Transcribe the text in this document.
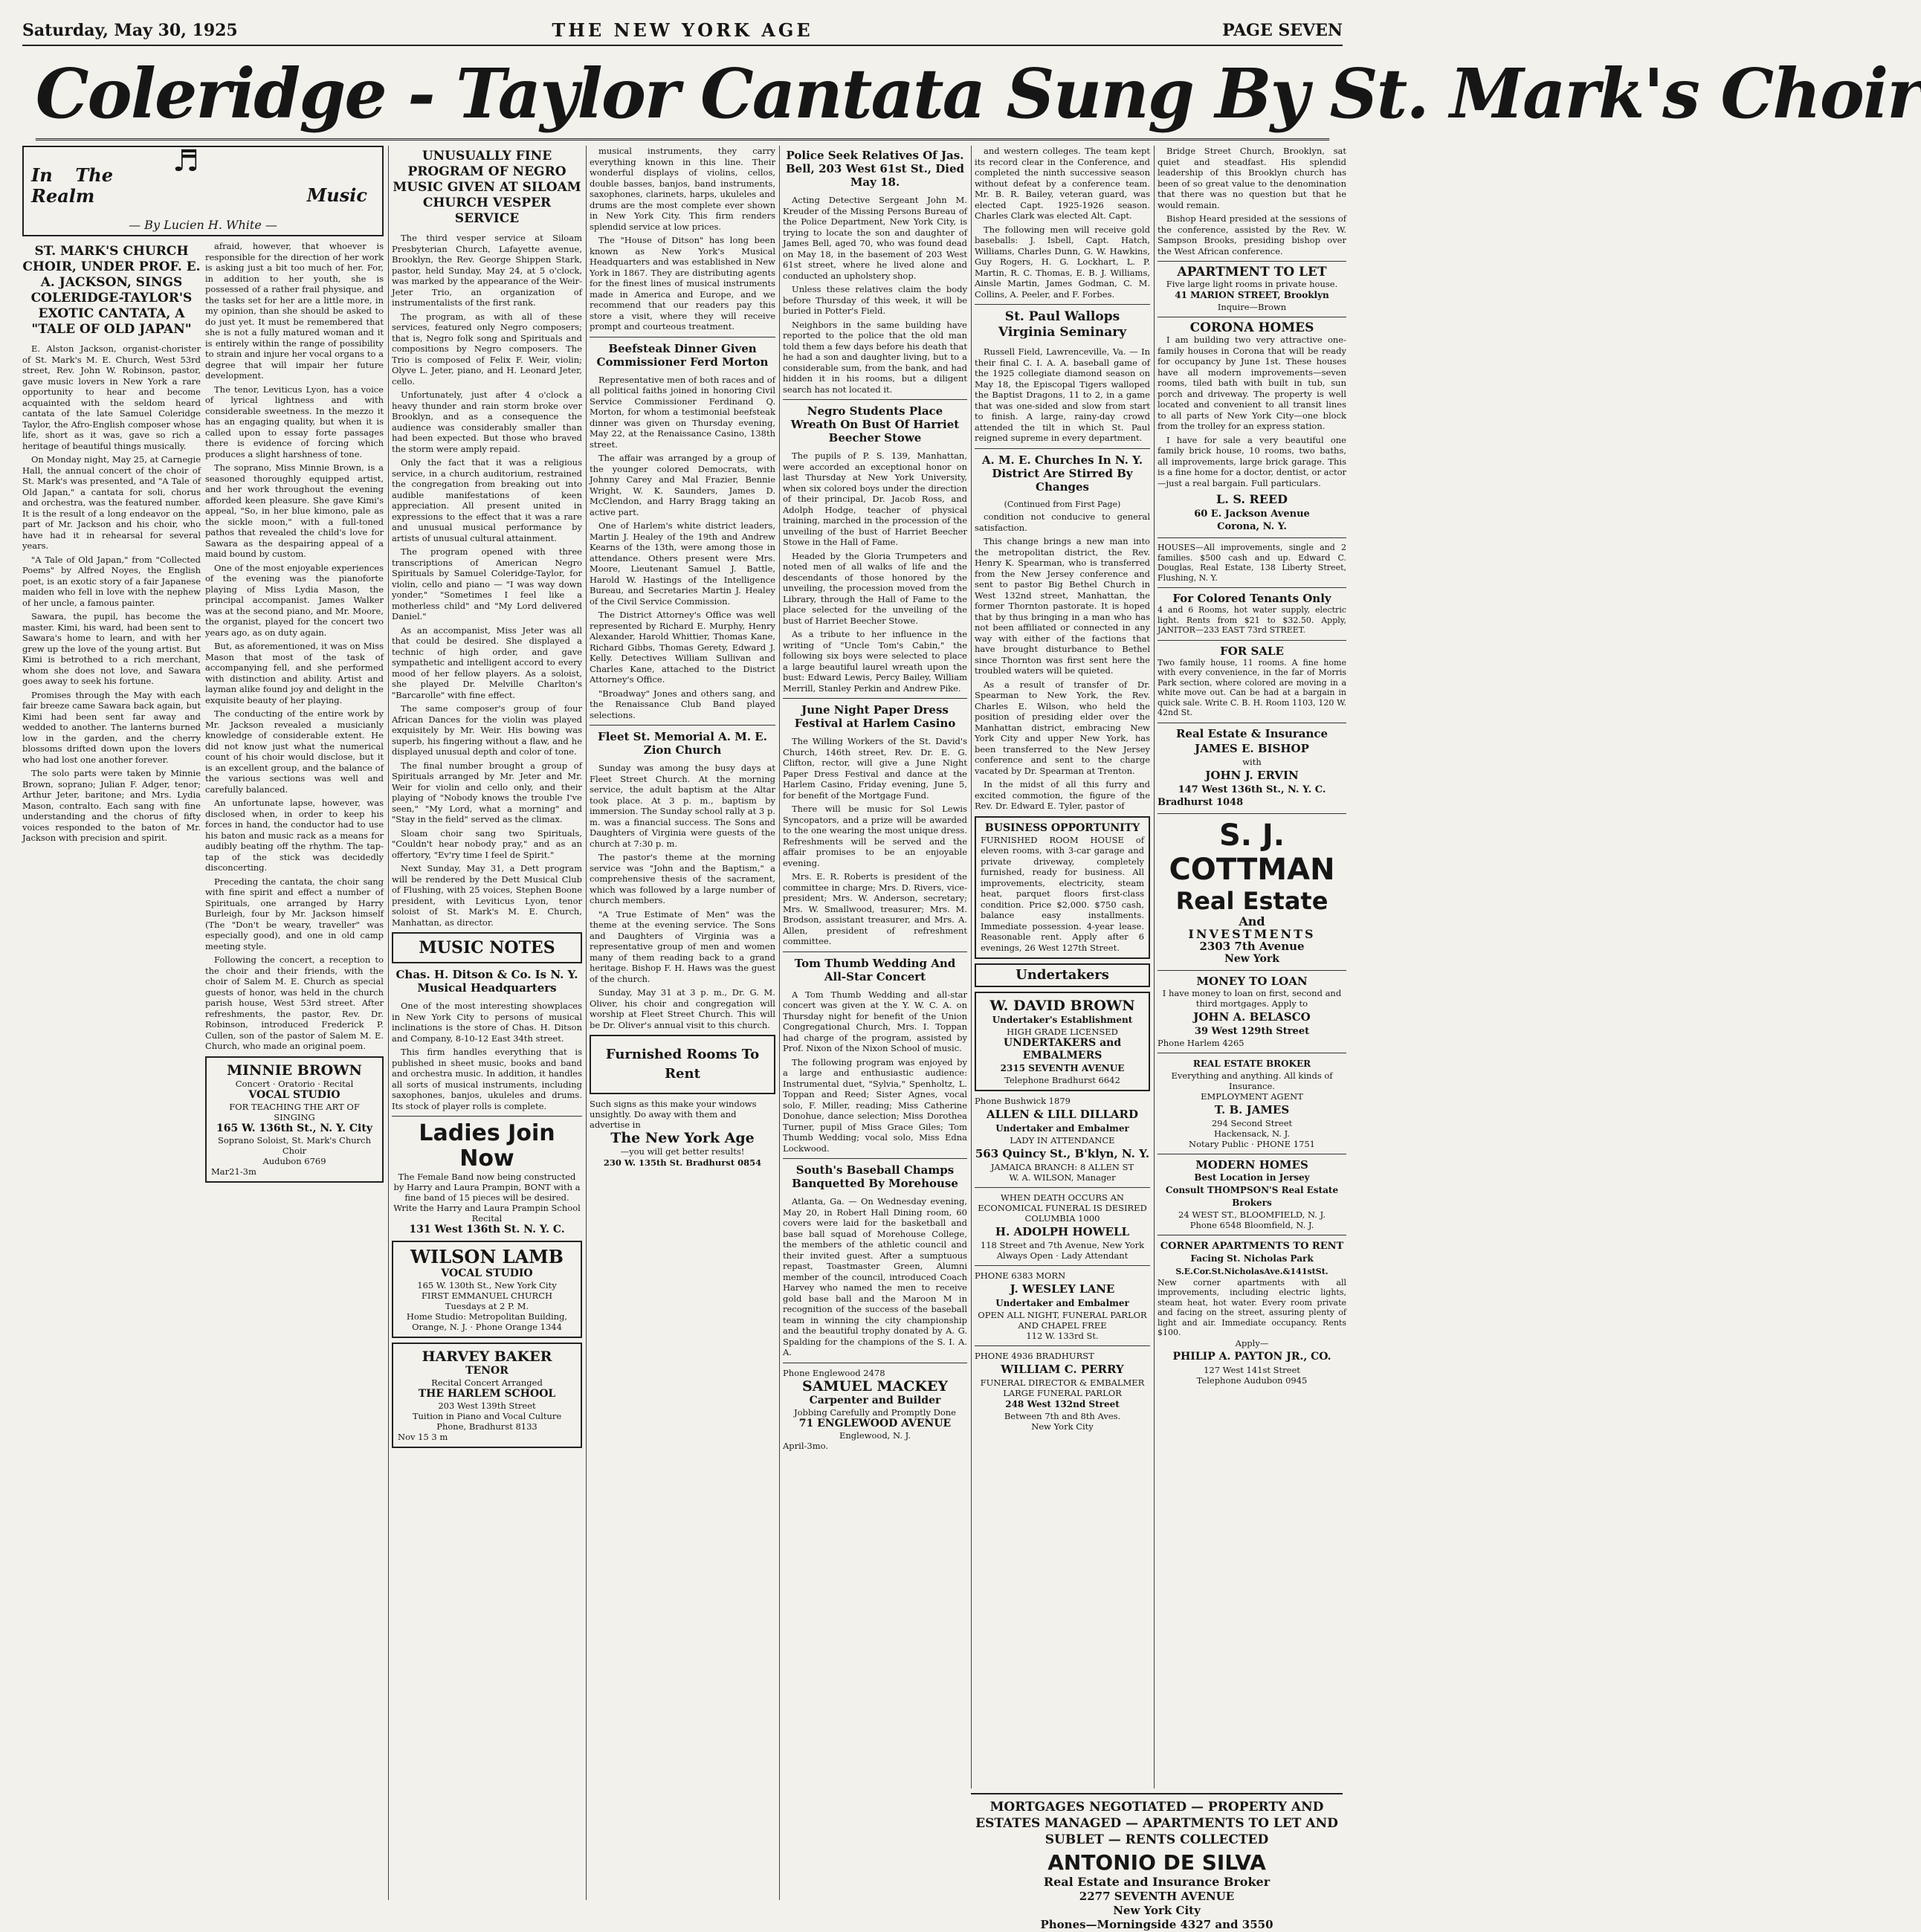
Saturday, May 30, 1925	THE NEW YORK AGE	PAGE SEVEN
Coleridge - Taylor Cantata Sung By St. Mark's Choir
In The Realm
♬
Music
— By Lucien H. White —
ST. MARK'S CHURCH CHOIR, UNDER PROF. E. A. JACKSON, SINGS COLERIDGE-TAYLOR'S EXOTIC CANTATA, A "TALE OF OLD JAPAN"

E. Alston Jackson, organist-chorister of St. Mark's M. E. Church, West 53rd street, Rev. John W. Robinson, pastor, gave music lovers in New York a rare opportunity to hear and become acquainted with the seldom heard cantata of the late Samuel Coleridge Taylor, the Afro-English composer whose life, short as it was, gave so rich a heritage of beautiful things musically.

On Monday night, May 25, at Carnegie Hall, the annual concert of the choir of St. Mark's was presented, and "A Tale of Old Japan," a cantata for soli, chorus and orchestra, was the featured number. It is the result of a long endeavor on the part of Mr. Jackson and his choir, who have had it in rehearsal for several years.

"A Tale of Old Japan," from "Collected Poems" by Alfred Noyes, the English poet, is an exotic story of a fair Japanese maiden who fell in love with the nephew of her uncle, a famous painter.

Sawara, the pupil, has become the master. Kimi, his ward, had been sent to Sawara's home to learn, and with her grew up the love of the young artist. But Kimi is betrothed to a rich merchant, whom she does not love, and Sawara goes away to seek his fortune.

Promises through the May with each fair breeze came Sawara back again, but Kimi had been sent far away and wedded to another. The lanterns burned low in the garden, and the cherry blossoms drifted down upon the lovers who had lost one another forever.

The solo parts were taken by Minnie Brown, soprano; Julian F. Adger, tenor; Arthur Jeter, baritone; and Mrs. Lydia Mason, contralto. Each sang with fine understanding and the chorus of fifty voices responded to the baton of Mr. Jackson with precision and spirit.

afraid, however, that whoever is responsible for the direction of her work is asking just a bit too much of her. For, in addition to her youth, she is possessed of a rather frail physique, and the tasks set for her are a little more, in my opinion, than she should be asked to do just yet. It must be remembered that she is not a fully matured woman and it is entirely within the range of possibility to strain and injure her vocal organs to a degree that will impair her future development.

The tenor, Leviticus Lyon, has a voice of lyrical lightness and with considerable sweetness. In the mezzo it has an engaging quality, but when it is called upon to essay forte passages there is evidence of forcing which produces a slight harshness of tone.

The soprano, Miss Minnie Brown, is a seasoned thoroughly equipped artist, and her work throughout the evening afforded keen pleasure. She gave Kimi's appeal, "So, in her blue kimono, pale as the sickle moon," with a full-toned pathos that revealed the child's love for Sawara as the despairing appeal of a maid bound by custom.

One of the most enjoyable experiences of the evening was the pianoforte playing of Miss Lydia Mason, the principal accompanist. James Walker was at the second piano, and Mr. Moore, the organist, played for the concert two years ago, as on duty again.

But, as aforementioned, it was on Miss Mason that most of the task of accompanying fell, and she performed with distinction and ability. Artist and layman alike found joy and delight in the exquisite beauty of her playing.

The conducting of the entire work by Mr. Jackson revealed a musicianly knowledge of considerable extent. He did not know just what the numerical count of his choir would disclose, but it is an excellent group, and the balance of the various sections was well and carefully balanced.

An unfortunate lapse, however, was disclosed when, in order to keep his forces in hand, the conductor had to use his baton and music rack as a means for audibly beating off the rhythm. The tap-tap of the stick was decidedly disconcerting.

Preceding the cantata, the choir sang with fine spirit and effect a number of Spirituals, one arranged by Harry Burleigh, four by Mr. Jackson himself (The "Don't be weary, traveller" was especially good), and one in old camp meeting style.

Following the concert, a reception to the choir and their friends, with the choir of Salem M. E. Church as special guests of honor, was held in the church parish house, West 53rd street. After refreshments, the pastor, Rev. Dr. Robinson, introduced Frederick P. Cullen, son of the pastor of Salem M. E. Church, who made an original poem.

MINNIE BROWN
Concert · Oratorio · Recital
VOCAL STUDIO
FOR TEACHING THE ART OF SINGING
165 W. 136th St., N. Y. City
Soprano Soloist, St. Mark's Church Choir
Audubon 6769
Mar21-3m
UNUSUALLY FINE PROGRAM OF NEGRO MUSIC GIVEN AT SILOAM CHURCH VESPER SERVICE

The third vesper service at Siloam Presbyterian Church, Lafayette avenue, Brooklyn, the Rev. George Shippen Stark, pastor, held Sunday, May 24, at 5 o'clock, was marked by the appearance of the Weir-Jeter Trio, an organization of instrumentalists of the first rank.

The program, as with all of these services, featured only Negro composers; that is, Negro folk song and Spirituals and compositions by Negro composers. The Trio is composed of Felix F. Weir, violin; Olyve L. Jeter, piano, and H. Leonard Jeter, cello.

Unfortunately, just after 4 o'clock a heavy thunder and rain storm broke over Brooklyn, and as a consequence the audience was considerably smaller than had been expected. But those who braved the storm were amply repaid.

Only the fact that it was a religious service, in a church auditorium, restrained the congregation from breaking out into audible manifestations of keen appreciation. All present united in expressions to the effect that it was a rare and unusual musical performance by artists of unusual cultural attainment.

The program opened with three transcriptions of American Negro Spirituals by Samuel Coleridge-Taylor, for violin, cello and piano — "I was way down yonder," "Sometimes I feel like a motherless child" and "My Lord delivered Daniel."

As an accompanist, Miss Jeter was all that could be desired. She displayed a technic of high order, and gave sympathetic and intelligent accord to every mood of her fellow players. As a soloist, she played Dr. Melville Charlton's "Barcarolle" with fine effect.

The same composer's group of four African Dances for the violin was played exquisitely by Mr. Weir. His bowing was superb, his fingering without a flaw, and he displayed unusual depth and color of tone.

The final number brought a group of Spirituals arranged by Mr. Jeter and Mr. Weir for violin and cello only, and their playing of "Nobody knows the trouble I've seen," "My Lord, what a morning" and "Stay in the field" served as the climax.

Sloam choir sang two Spirituals, "Couldn't hear nobody pray," and as an offertory, "Ev'ry time I feel de Spirit."

Next Sunday, May 31, a Dett program will be rendered by the Dett Musical Club of Flushing, with 25 voices, Stephen Boone president, with Leviticus Lyon, tenor soloist of St. Mark's M. E. Church, Manhattan, as director.

MUSIC NOTES
Chas. H. Ditson & Co. Is N. Y. Musical Headquarters

One of the most interesting showplaces in New York City to persons of musical inclinations is the store of Chas. H. Ditson and Company, 8-10-12 East 34th street.

This firm handles everything that is published in sheet music, books and band and orchestra music. In addition, it handles all sorts of musical instruments, including saxophones, banjos, ukuleles and drums. Its stock of player rolls is complete.

Ladies Join Now
The Female Band now being constructed by Harry and Laura Prampin, BONT with a fine band of 15 pieces will be desired. Write the Harry and Laura Prampin School Recital
131 West 136th St. N. Y. C.
WILSON LAMB
VOCAL STUDIO
165 W. 130th St., New York City
FIRST EMMANUEL CHURCH
Tuesdays at 2 P. M.
Home Studio: Metropolitan Building, Orange, N. J. · Phone Orange 1344
HARVEY BAKER
TENOR
Recital Concert Arranged
THE HARLEM SCHOOL
203 West 139th Street
Tuition in Piano and Vocal Culture
Phone, Bradhurst 8133
Nov 15 3 m

musical instruments, they carry everything known in this line. Their wonderful displays of violins, cellos, double basses, banjos, band instruments, saxophones, clarinets, harps, ukuleles and drums are the most complete ever shown in New York City. This firm renders splendid service at low prices.

The "House of Ditson" has long been known as New York's Musical Headquarters and was established in New York in 1867. They are distributing agents for the finest lines of musical instruments made in America and Europe, and we recommend that our readers pay this store a visit, where they will receive prompt and courteous treatment.

Beefsteak Dinner Given Commissioner Ferd Morton

Representative men of both races and of all political faiths joined in honoring Civil Service Commissioner Ferdinand Q. Morton, for whom a testimonial beefsteak dinner was given on Thursday evening, May 22, at the Renaissance Casino, 138th street.

The affair was arranged by a group of the younger colored Democrats, with Johnny Carey and Mal Frazier, Bennie Wright, W. K. Saunders, James D. McClendon, and Harry Bragg taking an active part.

One of Harlem's white district leaders, Martin J. Healey of the 19th and Andrew Kearns of the 13th, were among those in attendance. Others present were Mrs. Moore, Lieutenant Samuel J. Battle, Harold W. Hastings of the Intelligence Bureau, and Secretaries Martin J. Healey of the Civil Service Commission.

The District Attorney's Office was well represented by Richard E. Murphy, Henry Alexander, Harold Whittier, Thomas Kane, Richard Gibbs, Thomas Gerety, Edward J. Kelly. Detectives William Sullivan and Charles Kane, attached to the District Attorney's Office.

"Broadway" Jones and others sang, and the Renaissance Club Band played selections.

Fleet St. Memorial A. M. E. Zion Church

Sunday was among the busy days at Fleet Street Church. At the morning service, the adult baptism at the Altar took place. At 3 p. m., baptism by immersion. The Sunday school rally at 3 p. m. was a financial success. The Sons and Daughters of Virginia were guests of the church at 7:30 p. m.

The pastor's theme at the morning service was "John and the Baptism," a comprehensive thesis of the sacrament, which was followed by a large number of church members.

"A True Estimate of Men" was the theme at the evening service. The Sons and Daughters of Virginia was a representative group of men and women many of them reading back to a grand heritage. Bishop F. H. Haws was the guest of the church.

Sunday, May 31 at 3 p. m., Dr. G. M. Oliver, his choir and congregation will worship at Fleet Street Church. This will be Dr. Oliver's annual visit to this church.

Furnished Rooms To Rent
Such signs as this make your windows unsightly. Do away with them and advertise in
The New York Age
—you will get better results!
230 W. 135th St. Bradhurst 0854
Police Seek Relatives Of Jas. Bell, 203 West 61st St., Died May 18.

Acting Detective Sergeant John M. Kreuder of the Missing Persons Bureau of the Police Department, New York City, is trying to locate the son and daughter of James Bell, aged 70, who was found dead on May 18, in the basement of 203 West 61st street, where he lived alone and conducted an upholstery shop.

Unless these relatives claim the body before Thursday of this week, it will be buried in Potter's Field.

Neighbors in the same building have reported to the police that the old man told them a few days before his death that he had a son and daughter living, but to a considerable sum, from the bank, and had hidden it in his rooms, but a diligent search has not located it.

Negro Students Place Wreath On Bust Of Harriet Beecher Stowe

The pupils of P. S. 139, Manhattan, were accorded an exceptional honor on last Thursday at New York University, when six colored boys under the direction of their principal, Dr. Jacob Ross, and Adolph Hodge, teacher of physical training, marched in the procession of the unveiling of the bust of Harriet Beecher Stowe in the Hall of Fame.

Headed by the Gloria Trumpeters and noted men of all walks of life and the descendants of those honored by the unveiling, the procession moved from the Library, through the Hall of Fame to the place selected for the unveiling of the bust of Harriet Beecher Stowe.

As a tribute to her influence in the writing of "Uncle Tom's Cabin," the following six boys were selected to place a large beautiful laurel wreath upon the bust: Edward Lewis, Percy Bailey, William Merrill, Stanley Perkin and Andrew Pike.

June Night Paper Dress Festival at Harlem Casino

The Willing Workers of the St. David's Church, 146th street, Rev. Dr. E. G. Clifton, rector, will give a June Night Paper Dress Festival and dance at the Harlem Casino, Friday evening, June 5, for benefit of the Mortgage Fund.

There will be music for Sol Lewis Syncopators, and a prize will be awarded to the one wearing the most unique dress. Refreshments will be served and the affair promises to be an enjoyable evening.

Mrs. E. R. Roberts is president of the committee in charge; Mrs. D. Rivers, vice-president; Mrs. W. Anderson, secretary; Mrs. W. Smallwood, treasurer; Mrs. M. Brodson, assistant treasurer, and Mrs. A. Allen, president of refreshment committee.

Tom Thumb Wedding And All-Star Concert

A Tom Thumb Wedding and all-star concert was given at the Y. W. C. A. on Thursday night for benefit of the Union Congregational Church, Mrs. I. Toppan had charge of the program, assisted by Prof. Nixon of the Nixon School of music.

The following program was enjoyed by a large and enthusiastic audience: Instrumental duet, "Sylvia," Spenholtz, L. Toppan and Reed; Sister Agnes, vocal solo, F. Miller, reading; Miss Catherine Donohue, dance selection; Miss Dorothea Turner, pupil of Miss Grace Giles; Tom Thumb Wedding; vocal solo, Miss Edna Lockwood.

South's Baseball Champs Banquetted By Morehouse

Atlanta, Ga. — On Wednesday evening, May 20, in Robert Hall Dining room, 60 covers were laid for the basketball and base ball squad of Morehouse College, the members of the athletic council and their invited guest. After a sumptuous repast, Toastmaster Green, Alumni member of the council, introduced Coach Harvey who named the men to receive gold base ball and the Maroon M in recognition of the success of the baseball team in winning the city championship and the beautiful trophy donated by A. G. Spalding for the champions of the S. I. A. A.

Phone Englewood 2478
SAMUEL MACKEY
Carpenter and Builder
Jobbing Carefully and Promptly Done
71 ENGLEWOOD AVENUE
Englewood, N. J.
April-3mo.

and western colleges. The team kept its record clear in the Conference, and completed the ninth successive season without defeat by a conference team. Mr. B. R. Bailey, veteran guard, was elected Capt. 1925-1926 season. Charles Clark was elected Alt. Capt.

The following men will receive gold baseballs: J. Isbell, Capt. Hatch, Williams, Charles Dunn, G. W. Hawkins, Guy Rogers, H. G. Lockhart, L. P. Martin, R. C. Thomas, E. B. J. Williams, Ainsle Martin, James Godman, C. M. Collins, A. Peeler, and F. Forbes.

St. Paul Wallops Virginia Seminary

Russell Field, Lawrenceville, Va. — In their final C. I. A. A. baseball game of the 1925 collegiate diamond season on May 18, the Episcopal Tigers walloped the Baptist Dragons, 11 to 2, in a game that was one-sided and slow from start to finish. A large, rainy-day crowd attended the tilt in which St. Paul reigned supreme in every department.

A. M. E. Churches In N. Y. District Are Stirred By Changes
(Continued from First Page)

condition not conducive to general satisfaction.

This change brings a new man into the metropolitan district, the Rev. Henry K. Spearman, who is transferred from the New Jersey conference and sent to pastor Big Bethel Church in West 132nd street, Manhattan, the former Thornton pastorate. It is hoped that by thus bringing in a man who has not been affiliated or connected in any way with either of the factions that have brought disturbance to Bethel since Thornton was first sent here the troubled waters will be quieted.

As a result of transfer of Dr. Spearman to New York, the Rev. Charles E. Wilson, who held the position of presiding elder over the Manhattan district, embracing New York City and upper New York, has been transferred to the New Jersey conference and sent to the charge vacated by Dr. Spearman at Trenton.

In the midst of all this furry and excited commotion, the figure of the Rev. Dr. Edward E. Tyler, pastor of

BUSINESS OPPORTUNITY
FURNISHED ROOM HOUSE of eleven rooms, with 3-car garage and private driveway, completely furnished, ready for business. All improvements, electricity, steam heat, parquet floors first-class condition. Price $2,000. $750 cash, balance easy installments. Immediate possession. 4-year lease. Reasonable rent. Apply after 6 evenings, 26 West 127th Street.
Undertakers
W. DAVID BROWN
Undertaker's Establishment
HIGH GRADE LICENSED
UNDERTAKERS and EMBALMERS
2315 SEVENTH AVENUE
Telephone Bradhurst 6642
Phone Bushwick 1879
ALLEN & LILL DILLARD
Undertaker and Embalmer
LADY IN ATTENDANCE
563 Quincy St., B'klyn, N. Y.
JAMAICA BRANCH: 8 ALLEN ST
W. A. WILSON, Manager
WHEN DEATH OCCURS AN ECONOMICAL FUNERAL IS DESIRED COLUMBIA 1000
H. ADOLPH HOWELL
118 Street and 7th Avenue, New York
Always Open · Lady Attendant
PHONE 6383 MORN
J. WESLEY LANE
Undertaker and Embalmer
OPEN ALL NIGHT, FUNERAL PARLOR AND CHAPEL FREE
112 W. 133rd St.
PHONE 4936 BRADHURST
WILLIAM C. PERRY
FUNERAL DIRECTOR & EMBALMER
LARGE FUNERAL PARLOR
248 West 132nd Street
Between 7th and 8th Aves.
New York City

Bridge Street Church, Brooklyn, sat quiet and steadfast. His splendid leadership of this Brooklyn church has been of so great value to the denomination that there was no question but that he would remain.

Bishop Heard presided at the sessions of the conference, assisted by the Rev. W. Sampson Brooks, presiding bishop over the West African conference.

APARTMENT TO LET
Five large light rooms in private house.
41 MARION STREET, Brooklyn
Inquire—Brown
CORONA HOMES

I am building two very attractive one-family houses in Corona that will be ready for occupancy by June 1st. These houses have all modern improvements—seven rooms, tiled bath with built in tub, sun porch and driveway. The property is well located and convenient to all transit lines to all parts of New York City—one block from the trolley for an express station.

I have for sale a very beautiful one family brick house, 10 rooms, two baths, all improvements, large brick garage. This is a fine home for a doctor, dentist, or actor—just a real bargain. Full particulars.

L. S. REED
60 E. Jackson Avenue
Corona, N. Y.
HOUSES—All improvements, single and 2 families. $500 cash and up. Edward C. Douglas, Real Estate, 138 Liberty Street, Flushing, N. Y.
For Colored Tenants Only
4 and 6 Rooms, hot water supply, electric light. Rents from $21 to $32.50. Apply, JANITOR—233 EAST 73rd STREET.
FOR SALE
Two family house, 11 rooms. A fine home with every convenience, in the far of Morris Park section, where colored are moving in a white move out. Can be had at a bargain in quick sale. Write C. B. H. Room 1103, 120 W. 42nd St.
Real Estate & Insurance
JAMES E. BISHOP
with
JOHN J. ERVIN
147 West 136th St., N. Y. C.
Bradhurst 1048
S. J. COTTMAN
Real Estate
And
INVESTMENTS
2303 7th Avenue
New York
MONEY TO LOAN
I have money to loan on first, second and third mortgages. Apply to
JOHN A. BELASCO
39 West 129th Street
Phone Harlem 4265
REAL ESTATE BROKER
Everything and anything. All kinds of Insurance.
EMPLOYMENT AGENT
T. B. JAMES
294 Second Street
Hackensack, N. J.
Notary Public · PHONE 1751
MODERN HOMES
Best Location in Jersey
Consult THOMPSON'S Real Estate Brokers
24 WEST ST., BLOOMFIELD, N. J.
Phone 6548 Bloomfield, N. J.
CORNER APARTMENTS TO RENT
Facing St. Nicholas Park
S.E.Cor.St.NicholasAve.&141stSt.
New corner apartments with all improvements, including electric lights, steam heat, hot water. Every room private and facing on the street, assuring plenty of light and air. Immediate occupancy. Rents $100.
Apply—
PHILIP A. PAYTON JR., CO.
127 West 141st Street
Telephone Audubon 0945
MORTGAGES NEGOTIATED — PROPERTY AND ESTATES MANAGED — APARTMENTS TO LET AND SUBLET — RENTS COLLECTED
ANTONIO DE SILVA
Real Estate and Insurance Broker
2277 SEVENTH AVENUE
New York City
Phones—Morningside 4327 and 3550
